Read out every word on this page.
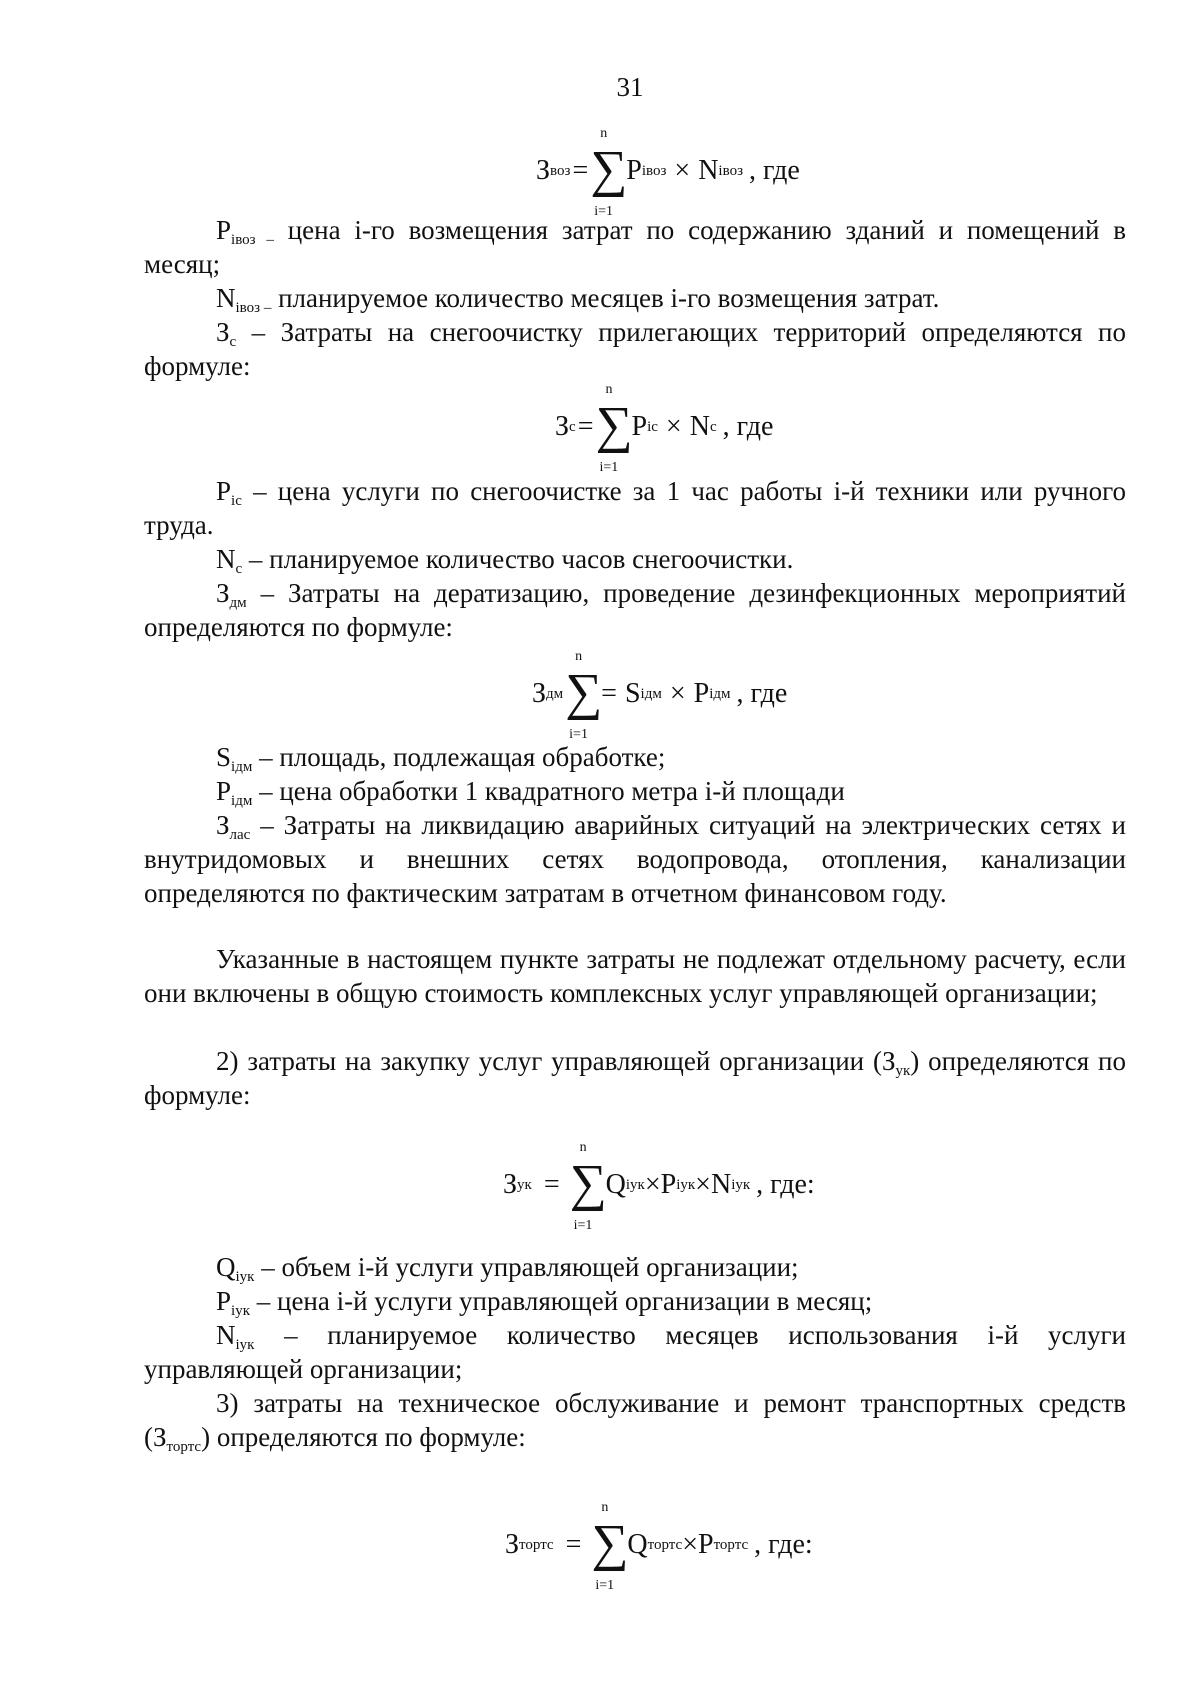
31
З воз = ∑
n
i=1
P iвоз × N iвоз , где

$P_{iвоз -}$ цена i-го возмещения затрат по содержанию зданий и помещений в месяц;

$N_{iвоз -}$ планируемое количество месяцев i-го возмещения затрат.

$З_с$ – Затраты на снегоочистку прилегающих территорий определяются по формуле:

З с = ∑
n
i=1
P ic × N c , где

$P_{ic}$ – цена услуги по снегоочистке за 1 час работы i-й техники или ручного труда.

$N_c$ – планируемое количество часов снегоочистки.

$З_{дм}$ – Затраты на дератизацию, проведение дезинфекционных мероприятий определяются по формуле:

З дм ∑
n
i=1
= S iдм × P iдм , где

$S_{iдм}$ – площадь, подлежащая обработке;

$P_{iдм}$ – цена обработки 1 квадратного метра i-й площади

$З_{лас}$ – Затраты на ликвидацию аварийных ситуаций на электрических сетях и внутридомовых и внешних сетях водопровода, отопления, канализации определяются по фактическим затратам в отчетном финансовом году.

Указанные в настоящем пункте затраты не подлежат отдельному расчету, если они включены в общую стоимость комплексных услуг управляющей организации;

2) затраты на закупку услуг управляющей организации $(З_{ук})$ определяются по формуле:

З ук = ∑
n
i=1
Q iук × P iук × N iук , где:

$Q_{iук}$ – объем i-й услуги управляющей организации;

$P_{iук}$ – цена i-й услуги управляющей организации в месяц;

$N_{iук}$ – планируемое количество месяцев использования i-й услуги управляющей организации;

3) затраты на техническое обслуживание и ремонт транспортных средств $(З_{тортс})$ определяются по формуле:

З тортс = ∑
n
i=1
Q тортс × P тортс , где:
